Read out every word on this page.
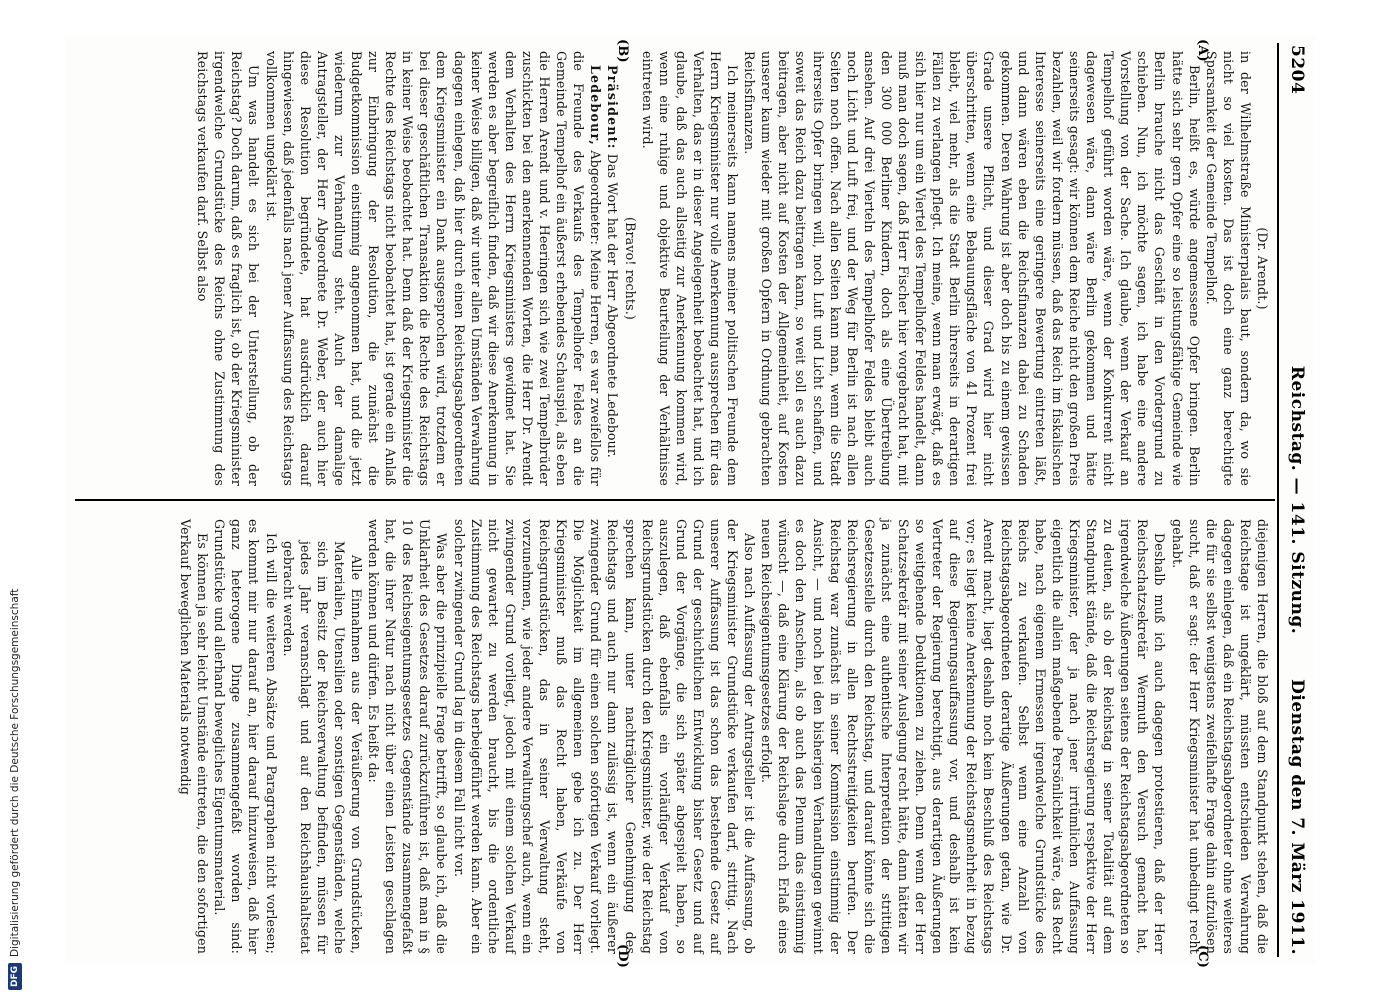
5204
Reichstag. — 141. Sitzung.
Dienstag den 7. März 1911.
(A)
(B)

(Dr. Arendt.)

in der Wilhelmstraße Ministerpalais baut, sondern da, wo sie nicht so viel kosten. Das ist doch eine ganz berechtigte Sparsamkeit der Gemeinde Tempelhof.

Berlin, heißt es, würde angemessene Opfer bringen. Berlin hätte sich sehr gern Opfer eine so leistungsfähige Gemeinde wie Berlin brauche nicht das Geschäft in den Vordergrund zu schieben. Nun, ich möchte sagen, ich habe eine andere Vorstellung von der Sache. Ich glaube, wenn der Verkauf an Tempelhof geführt worden wäre, wenn der Konkurrent nicht dagewesen wäre, dann wäre Berlin gekommen und hätte seinerseits gesagt: wir können dem Reiche nicht den großen Preis bezahlen, weil wir fordern müssen, daß das Reich im fiskalischen Interesse seinerseits eine geringere Bewertung eintreten läßt, und dann wären eben die Reichsfinanzen dabei zu Schaden gekommen. Deren Wahrung ist aber doch bis zu einem gewissen Grade unsere Pflicht, und dieser Grad wird hier nicht überschritten, wenn eine Bebauungsfläche von 41 Prozent frei bleibt, viel mehr, als die Stadt Berlin ihrerseits in derartigen Fällen zu verlangen pflegt. Ich meine, wenn man erwägt, daß es sich hier nur um ein Viertel des Tempelhofer Feldes handelt, dann muß man doch sagen, daß Herr Fischer hier vorgebracht hat, mit den 300 000 Berliner Kindern, doch als eine Übertreibung ansehen. Auf drei Vierteln des Tempelhofer Feldes bleibt auch noch Licht und Luft frei, und der Weg für Berlin ist nach allen Seiten noch offen. Nach allen Seiten kann man, wenn die Stadt ihrerseits Opfer bringen will, noch Luft und Licht schaffen, und soweit das Reich dazu beitragen kann, so weit soll es auch dazu beitragen, aber nicht auf Kosten der Allgemeinheit, auf Kosten unserer kaum wieder mit großen Opfern in Ordnung gebrachten Reichsfinanzen.

Ich meinerseits kann namens meiner politischen Freunde dem Herrn Kriegsminister nur volle Anerkennung aussprechen für das Verhalten, das er in dieser Angelegenheit beobachtet hat, und ich glaube, daß das auch allseitig zur Anerkennung kommen wird, wenn eine ruhige und objektive Beurteilung der Verhältnisse eintreten wird.

(Bravo! rechts.)

Präsident: Das Wort hat der Herr Abgeordnete Ledebour.

Ledebour, Abgeordneter: Meine Herren, es war zweifellos für die Freunde des Verkaufs des Tempelhofer Feldes an die Gemeinde Tempelhof ein äußerst erhebendes Schauspiel, als eben die Herren Arendt und v. Heeringen sich wie zwei Tempelbrüder zuschickten bei den anerkennenden Worten, die Herr Dr. Arendt dem Verhalten des Herrn Kriegsministers gewidmet hat. Sie werden es aber begreiflich finden, daß wir diese Anerkennung in keiner Weise billigen, daß wir unter allen Umständen Verwahrung dagegen einlegen, daß hier durch einen Reichstagsabgeordneten dem Kriegsminister ein Dank ausgesprochen wird, trotzdem er bei dieser geschäftlichen Transaktion die Rechte des Reichstags in keiner Weise beobachtet hat. Denn daß der Kriegsminister die Rechte des Reichstags nicht beobachtet hat, ist gerade ein Anlaß zur Einbringung der Resolution, die zunächst die Budgetkommission einstimmig angenommen hat, und die jetzt wiederum zur Verhandlung steht. Auch der damalige Antragsteller, der Herr Abgeordnete Dr. Weber, der auch hier diese Resolution begründete, hat ausdrücklich darauf hingewiesen, daß jedenfalls nach jener Auffassung des Reichstags vollkommen ungeklärt ist.

Um was handelt es sich bei der Unterstellung, ob der Reichstag? Doch darum, daß es fraglich ist, ob der Kriegsminister irgendwelche Grundstücke des Reichs ohne Zustimmung des Reichstags verkaufen darf. Selbst also

(C)
(D)

diejenigen Herren, die bloß auf dem Standpunkt stehen, daß die Reichstage ist ungeklärt, müssten entschieden Verwahrung dagegen einlegen, daß ein Reichstagsabgeordneter ohne weiteres die für sie selbst wenigstens zweifelhafte Frage dahin aufzulösen sucht, daß er sagt: der Herr Kriegsminister hat unbedingt recht gehabt.

Deshalb muß ich auch dagegen protestieren, daß der Herr Reichsschatzsekretär Wermuth den Versuch gemacht hat, irgendwelche Äußerungen seitens der Reichstagsabgeordneten so zu deuten, als ob der Reichstag in seiner Totalität auf dem Standpunkt stände, daß die Reichsregierung respektive der Herr Kriegsminister, der ja nach jener irrtümlichen Auffassung eigentlich die allein maßgebende Persönlichkeit wäre, das Recht habe, nach eigenem Ermessen irgendwelche Grundstücke des Reichs zu verkaufen. Selbst wenn eine Anzahl von Reichstagsabgeordneten derartige Äußerungen getan, wie Dr. Arendt macht, liegt deshalb noch kein Beschluß des Reichstags vor; es liegt keine Anerkennung der Reichstagsmehrheit in bezug auf diese Regierungsauffassung vor, und deshalb ist kein Vertreter der Regierung berechtigt, aus derartigen Äußerungen so weitgehende Deduktionen zu ziehen. Denn wenn der Herr Schatzsekretär mit seiner Auslegung recht hätte, dann hätten wir ja zunächst eine authentische Interpretation der strittigen Gesetzesstelle durch den Reichstag, und darauf könnte sich die Reichsregierung in allen Rechtsstreitigkeiten berufen. Der Reichstag war zunächst in seiner Kommission einstimmig der Ansicht, — und noch bei den bisherigen Verhandlungen gewinnt es doch den Anschein, als ob auch das Plenum das einstimmig wünscht —, daß eine Klärung der Reichslage durch Erlaß eines neuen Reichseigentumsgesetzes erfolgt.

Also nach Auffassung der Antragsteller ist die Auffassung, ob der Kriegsminister Grundstücke verkaufen darf, strittig. Nach unserer Auffassung ist das schon das bestehende Gesetz auf Grund der geschichtlichen Entwicklung bisher Gesetz und auf Grund der Vorgänge, die sich später abgespielt haben, so auszulegen, daß ebenfalls ein vorläufiger Verkauf von Reichsgrundstücken durch den Kriegsminister, wie der Reichstag sprechen kann, unter nachträglicher Genehmigung des Reichstags und auch nur dann zulässig ist, wenn ein äußerer zwingender Grund für einen solchen sofortigen Verkauf vorliegt. Die Möglichkeit im allgemeinen gebe ich zu. Der Herr Kriegsminister muß das Recht haben, Verkäufe von Reichsgrundstücken, das in seiner Verwaltung steht, vorzunehmen, wie jeder andere Verwaltungschef auch, wenn ein zwingender Grund vorliegt, jedoch mit einem solchen Verkauf nicht gewartet zu werden braucht, bis die ordentliche Zustimmung des Reichstags herbeigeführt werden kann. Aber ein solcher zwingender Grund lag in diesem Fall nicht vor.

Was aber die prinzipielle Frage betrifft, so glaube ich, daß die Unklarheit des Gesetzes darauf zurückzuführen ist, daß man in § 10 des Reichseigentumsgesetzes Gegenstände zusammengefaßt hat, die ihrer Natur nach nicht über einen Leisten geschlagen werden können und dürfen. Es heißt da:

Alle Einnahmen aus der Veräußerung von Grundstücken, Materialien, Utensilien oder sonstigen Gegenständen, welche sich im Besitz der Reichsverwaltung befinden, müssen für jedes Jahr veranschlagt und auf den Reichshaushaltsetat gebracht werden.

Ich will die weiteren Absätze und Paragraphen nicht vorlesen; es kommt mir nur darauf an, hier darauf hinzuweisen, daß hier ganz heterogene Dinge zusammengefaßt worden sind: Grundstücke und allerhand bewegliches Eigentumsmaterial.

Es können ja sehr leicht Umstände eintreten, die den sofortigen Verkauf beweglichen Materials notwendig

DFGDigitalisierung gefördert durch die Deutsche Forschungsgemeinschaft
